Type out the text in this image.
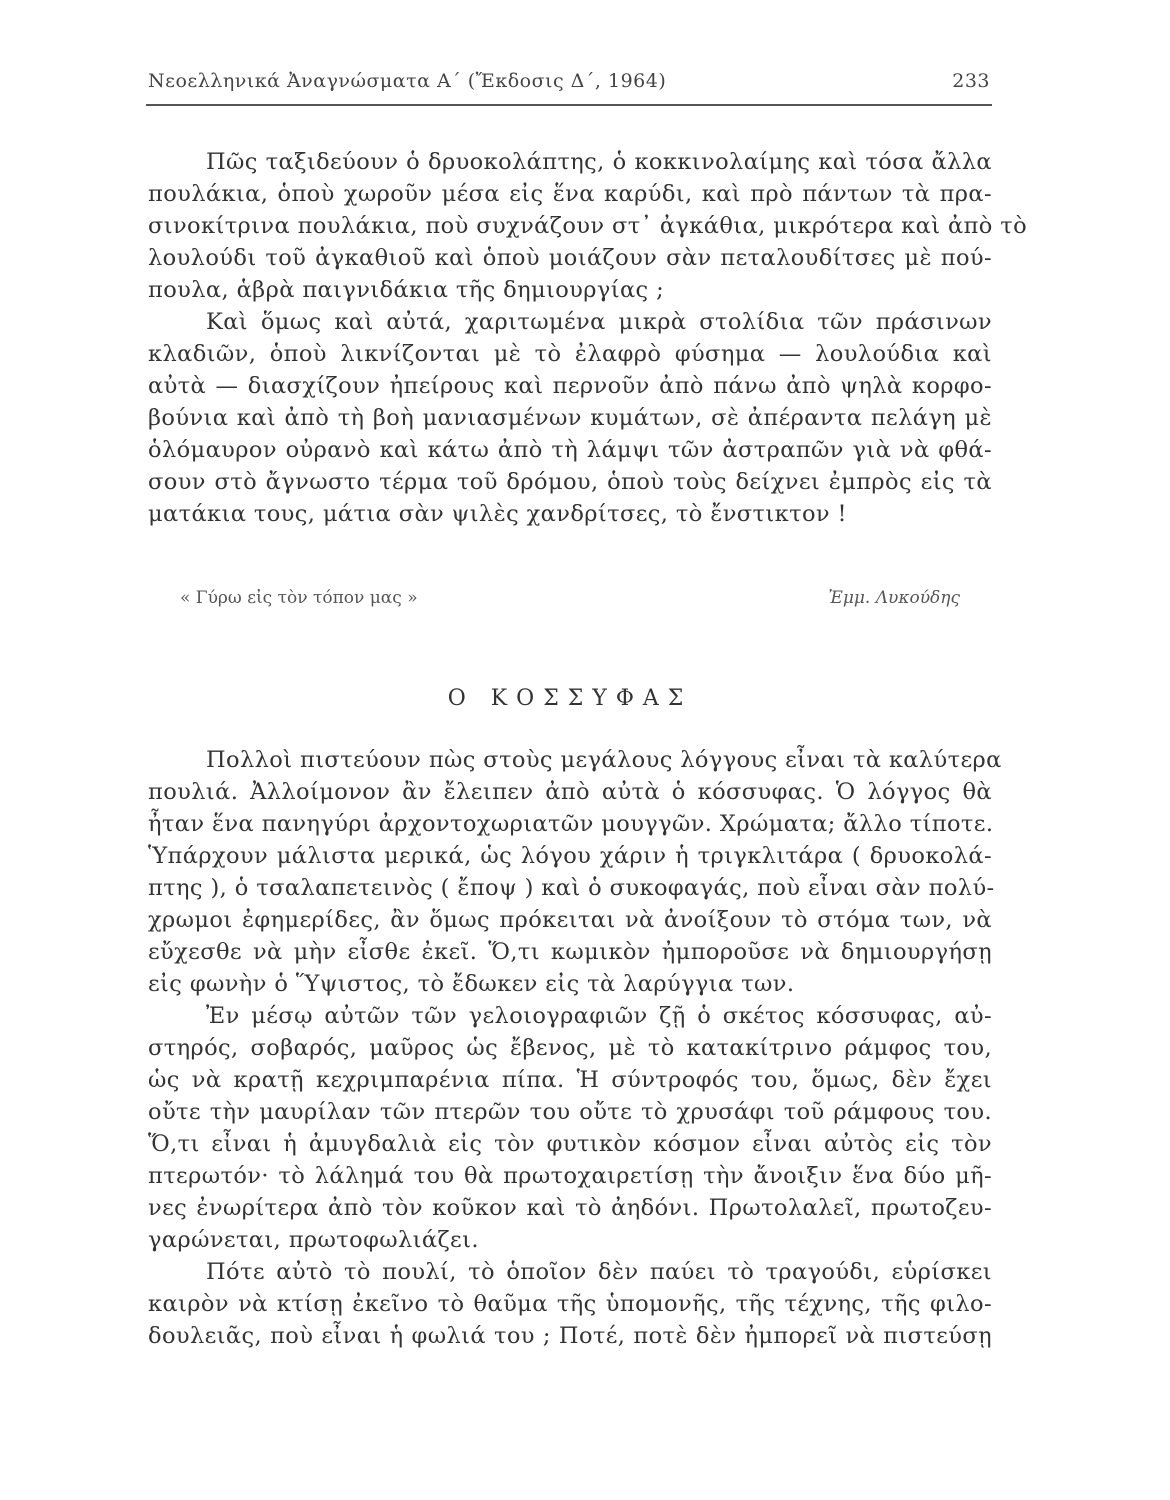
Νεοελληνικά Ἀναγνώσματα Α΄ (Ἔκδοσις Δ΄, 1964)	233
Πῶς ταξιδεύουν ὁ δρυοκολάπτης, ὁ κοκκινολαίμης καὶ τόσα ἄλλα
πουλάκια, ὁποὺ χωροῦν μέσα εἰς ἕνα καρύδι, καὶ πρὸ πάντων τὰ πρα-
σινοκίτρινα πουλάκια, ποὺ συχνάζουν στ᾽ ἀγκάθια, μικρότερα καὶ ἀπὸ τὸ
λουλούδι τοῦ ἀγκαθιοῦ καὶ ὁποὺ μοιάζουν σὰν πεταλουδίτσες μὲ πού-
πουλα, ἁβρὰ παιγνιδάκια τῆς δημιουργίας ;
Καὶ ὅμως καὶ αὐτά, χαριτωμένα μικρὰ στολίδια τῶν πράσινων
κλαδιῶν, ὁποὺ λικνίζονται μὲ τὸ ἐλαφρὸ φύσημα — λουλούδια καὶ
αὐτὰ — διασχίζουν ἠπείρους καὶ περνοῦν ἀπὸ πάνω ἀπὸ ψηλὰ κορφο-
βούνια καὶ ἀπὸ τὴ βοὴ μανιασμένων κυμάτων, σὲ ἀπέραντα πελάγη μὲ
ὁλόμαυρον οὐρανὸ καὶ κάτω ἀπὸ τὴ λάμψι τῶν ἀστραπῶν γιὰ νὰ φθά-
σουν στὸ ἄγνωστο τέρμα τοῦ δρόμου, ὁποὺ τοὺς δείχνει ἐμπρὸς εἰς τὰ
ματάκια τους, μάτια σὰν ψιλὲς χανδρίτσες, τὸ ἔνστικτον !
« Γύρω εἰς τὸν τόπον μας »	Ἐμμ. Λυκούδης
Ο ΚΟΣΣΥΦΑΣ
Πολλοὶ πιστεύουν πὼς στοὺς μεγάλους λόγγους εἶναι τὰ καλύτερα
πουλιά. Ἀλλοίμονον ἂν ἔλειπεν ἀπὸ αὐτὰ ὁ κόσσυφας. Ὁ λόγγος θὰ
ἦταν ἕνα πανηγύρι ἀρχοντοχωριατῶν μουγγῶν. Χρώματα; ἄλλο τίποτε.
Ὑπάρχουν μάλιστα μερικά, ὡς λόγου χάριν ἡ τριγκλιτάρα ( δρυοκολά-
πτης ), ὁ τσαλαπετεινὸς ( ἔποψ ) καὶ ὁ συκοφαγάς, ποὺ εἶναι σὰν πολύ-
χρωμοι ἐφημερίδες, ἂν ὅμως πρόκειται νὰ ἀνοίξουν τὸ στόμα των, νὰ
εὔχεσθε νὰ μὴν εἶσθε ἐκεῖ. Ὅ,τι κωμικὸν ἠμποροῦσε νὰ δημιουργήσῃ
εἰς φωνὴν ὁ Ὕψιστος, τὸ ἔδωκεν εἰς τὰ λαρύγγια των.
Ἐν μέσῳ αὐτῶν τῶν γελοιογραφιῶν ζῇ ὁ σκέτος κόσσυφας, αὐ-
στηρός, σοβαρός, μαῦρος ὡς ἔβενος, μὲ τὸ κατακίτρινο ράμφος του,
ὡς νὰ κρατῇ κεχριμπαρένια πίπα. Ἡ σύντροφός του, ὅμως, δὲν ἔχει
οὔτε τὴν μαυρίλαν τῶν πτερῶν του οὔτε τὸ χρυσάφι τοῦ ράμφους του.
Ὅ,τι εἶναι ἡ ἀμυγδαλιὰ εἰς τὸν φυτικὸν κόσμον εἶναι αὐτὸς εἰς τὸν
πτερωτόν· τὸ λάλημά του θὰ πρωτοχαιρετίσῃ τὴν ἄνοιξιν ἕνα δύο μῆ-
νες ἐνωρίτερα ἀπὸ τὸν κοῦκον καὶ τὸ ἀηδόνι. Πρωτολαλεῖ, πρωτοζευ-
γαρώνεται, πρωτοφωλιάζει.
Πότε αὐτὸ τὸ πουλί, τὸ ὁποῖον δὲν παύει τὸ τραγούδι, εὑρίσκει
καιρὸν νὰ κτίσῃ ἐκεῖνο τὸ θαῦμα τῆς ὑπομονῆς, τῆς τέχνης, τῆς φιλο-
δουλειᾶς, ποὺ εἶναι ἡ φωλιά του ; Ποτέ, ποτὲ δὲν ἠμπορεῖ νὰ πιστεύσῃ
